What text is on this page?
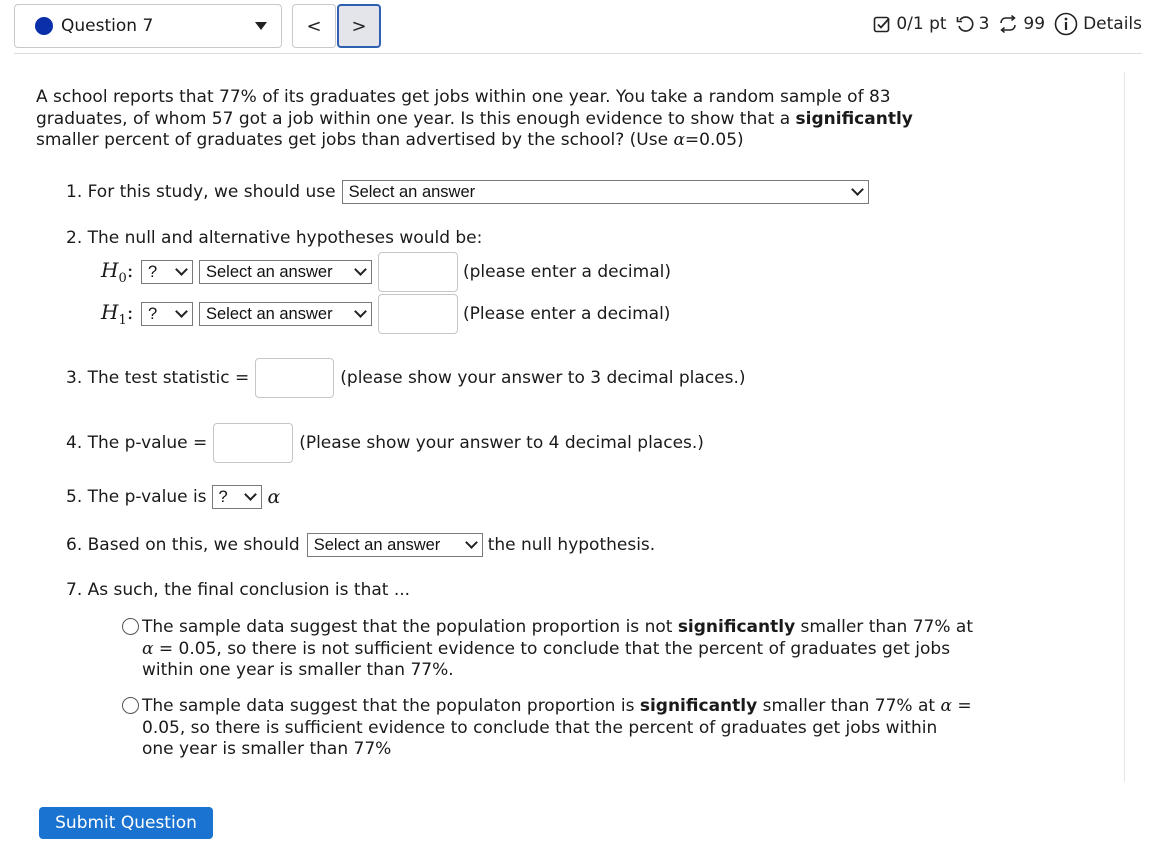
Question 7	<	>	0/1 pt 3 99 Details
A school reports that 77% of its graduates get jobs within one year. You take a random sample of 83
graduates, of whom 57 got a job within one year. Is this enough evidence to show that a significantly
smaller percent of graduates get jobs than advertised by the school? (Use α=0.05)
1. For this study, we should use Select an answer
2. The null and alternative hypotheses would be:
$H_0$: ?	Select an answer	(please enter a decimal)
$H_1$: ?	Select an answer	(Please enter a decimal)
3. The test statistic =	(please show your answer to 3 decimal places.)
4. The p-value =	(Please show your answer to 4 decimal places.)
5. The p-value is ? α
6. Based on this, we should Select an answer	the null hypothesis.
7. As such, the final conclusion is that ...
The sample data suggest that the population proportion is not significantly smaller than 77% at
α = 0.05, so there is not sufficient evidence to conclude that the percent of graduates get jobs
within one year is smaller than 77%.
The sample data suggest that the populaton proportion is significantly smaller than 77% at α =
0.05, so there is sufficient evidence to conclude that the percent of graduates get jobs within
one year is smaller than 77%
Submit Question
